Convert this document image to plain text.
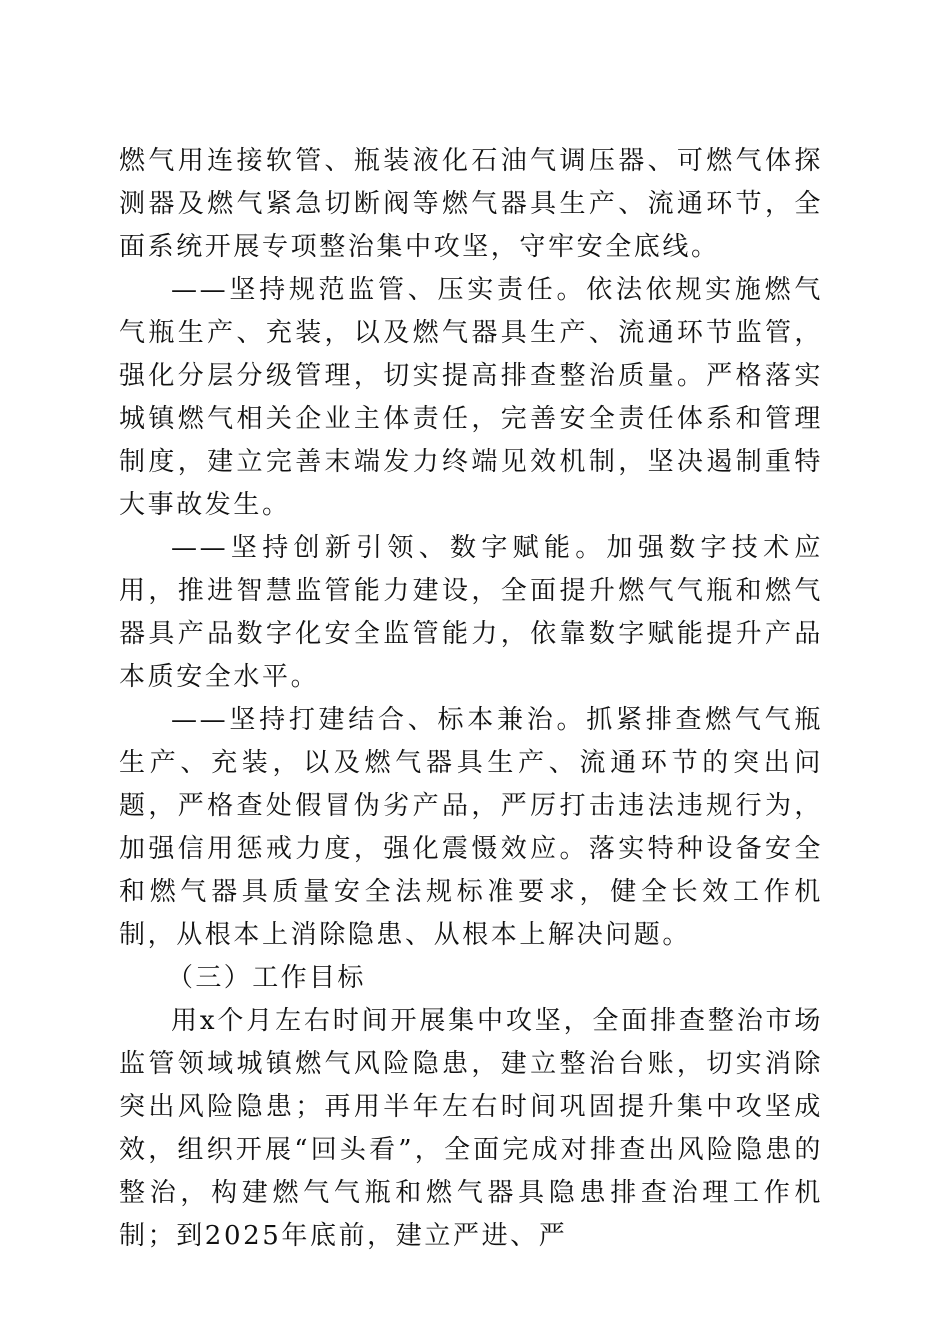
燃气用连接软管、瓶装液化石油气调压器、可燃气体探测器及燃气紧急切断阀等燃气器具生产、流通环节，全面系统开展专项整治集中攻坚，守牢安全底线。

——坚持规范监管、压实责任。依法依规实施燃气气瓶生产、充装，以及燃气器具生产、流通环节监管，强化分层分级管理，切实提高排查整治质量。严格落实城镇燃气相关企业主体责任，完善安全责任体系和管理制度，建立完善末端发力终端见效机制，坚决遏制重特大事故发生。

——坚持创新引领、数字赋能。加强数字技术应用，推进智慧监管能力建设，全面提升燃气气瓶和燃气器具产品数字化安全监管能力，依靠数字赋能提升产品本质安全水平。

——坚持打建结合、标本兼治。抓紧排查燃气气瓶生产、充装，以及燃气器具生产、流通环节的突出问题，严格查处假冒伪劣产品，严厉打击违法违规行为，加强信用惩戒力度，强化震慑效应。落实特种设备安全和燃气器具质量安全法规标准要求，健全长效工作机制，从根本上消除隐患、从根本上解决问题。

（三）工作目标

用x个月左右时间开展集中攻坚，全面排查整治市场监管领域城镇燃气风险隐患，建立整治台账，切实消除突出风险隐患；再用半年左右时间巩固提升集中攻坚成效，组织开展“回头看”，全面完成对排查出风险隐患的整治，构建燃气气瓶和燃气器具隐患排查治理工作机制；到2025年底前，建立严进、严
